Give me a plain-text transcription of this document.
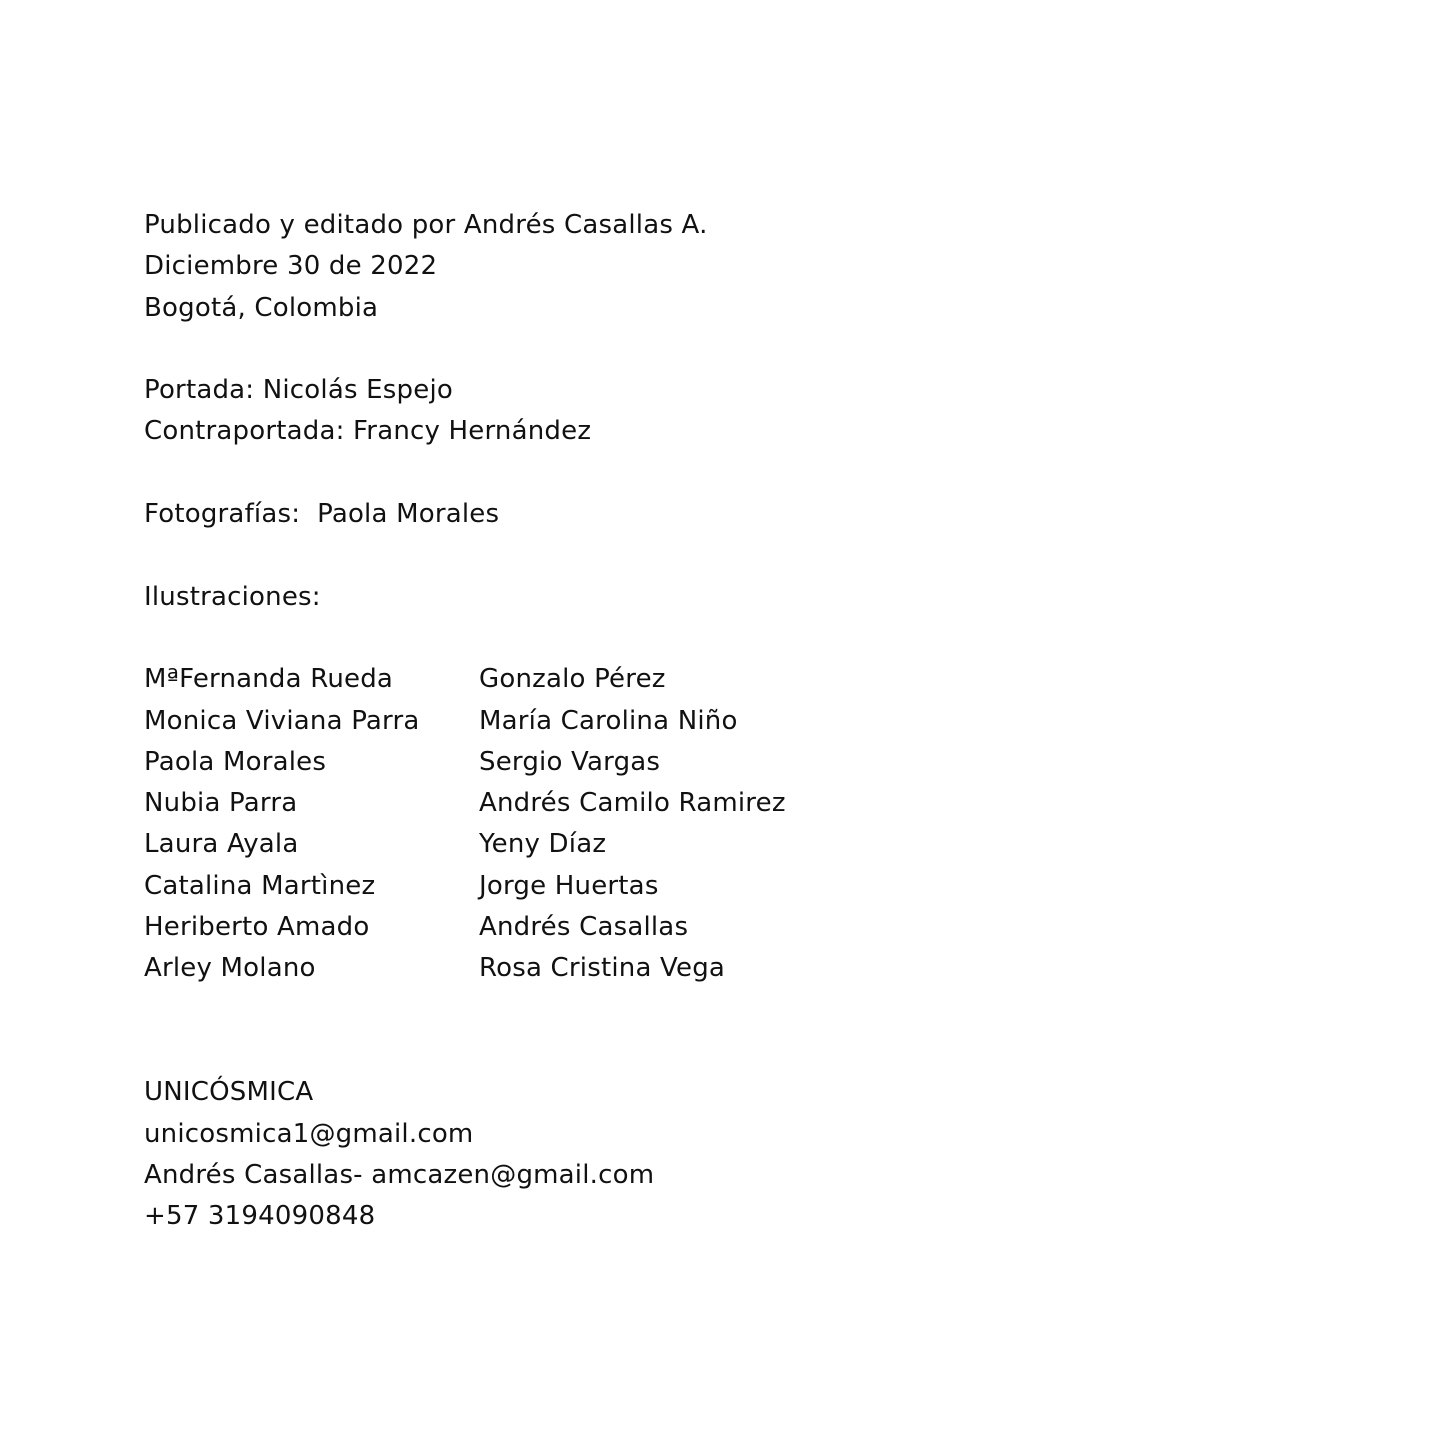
Publicado y editado por Andrés Casallas A.
Diciembre 30 de 2022
Bogotá, Colombia
Portada: Nicolás Espejo
Contraportada: Francy Hernández
Fotografías:  Paola Morales
Ilustraciones:
MªFernanda Rueda
Monica Viviana Parra
Paola Morales
Nubia Parra
Laura Ayala
Catalina Martìnez
Heriberto Amado
Arley Molano
Gonzalo Pérez
María Carolina Niño
Sergio Vargas
Andrés Camilo Ramirez
Yeny Díaz
Jorge Huertas
Andrés Casallas
Rosa Cristina Vega
UNICÓSMICA
unicosmica1@gmail.com
Andrés Casallas- amcazen@gmail.com
+57 3194090848
